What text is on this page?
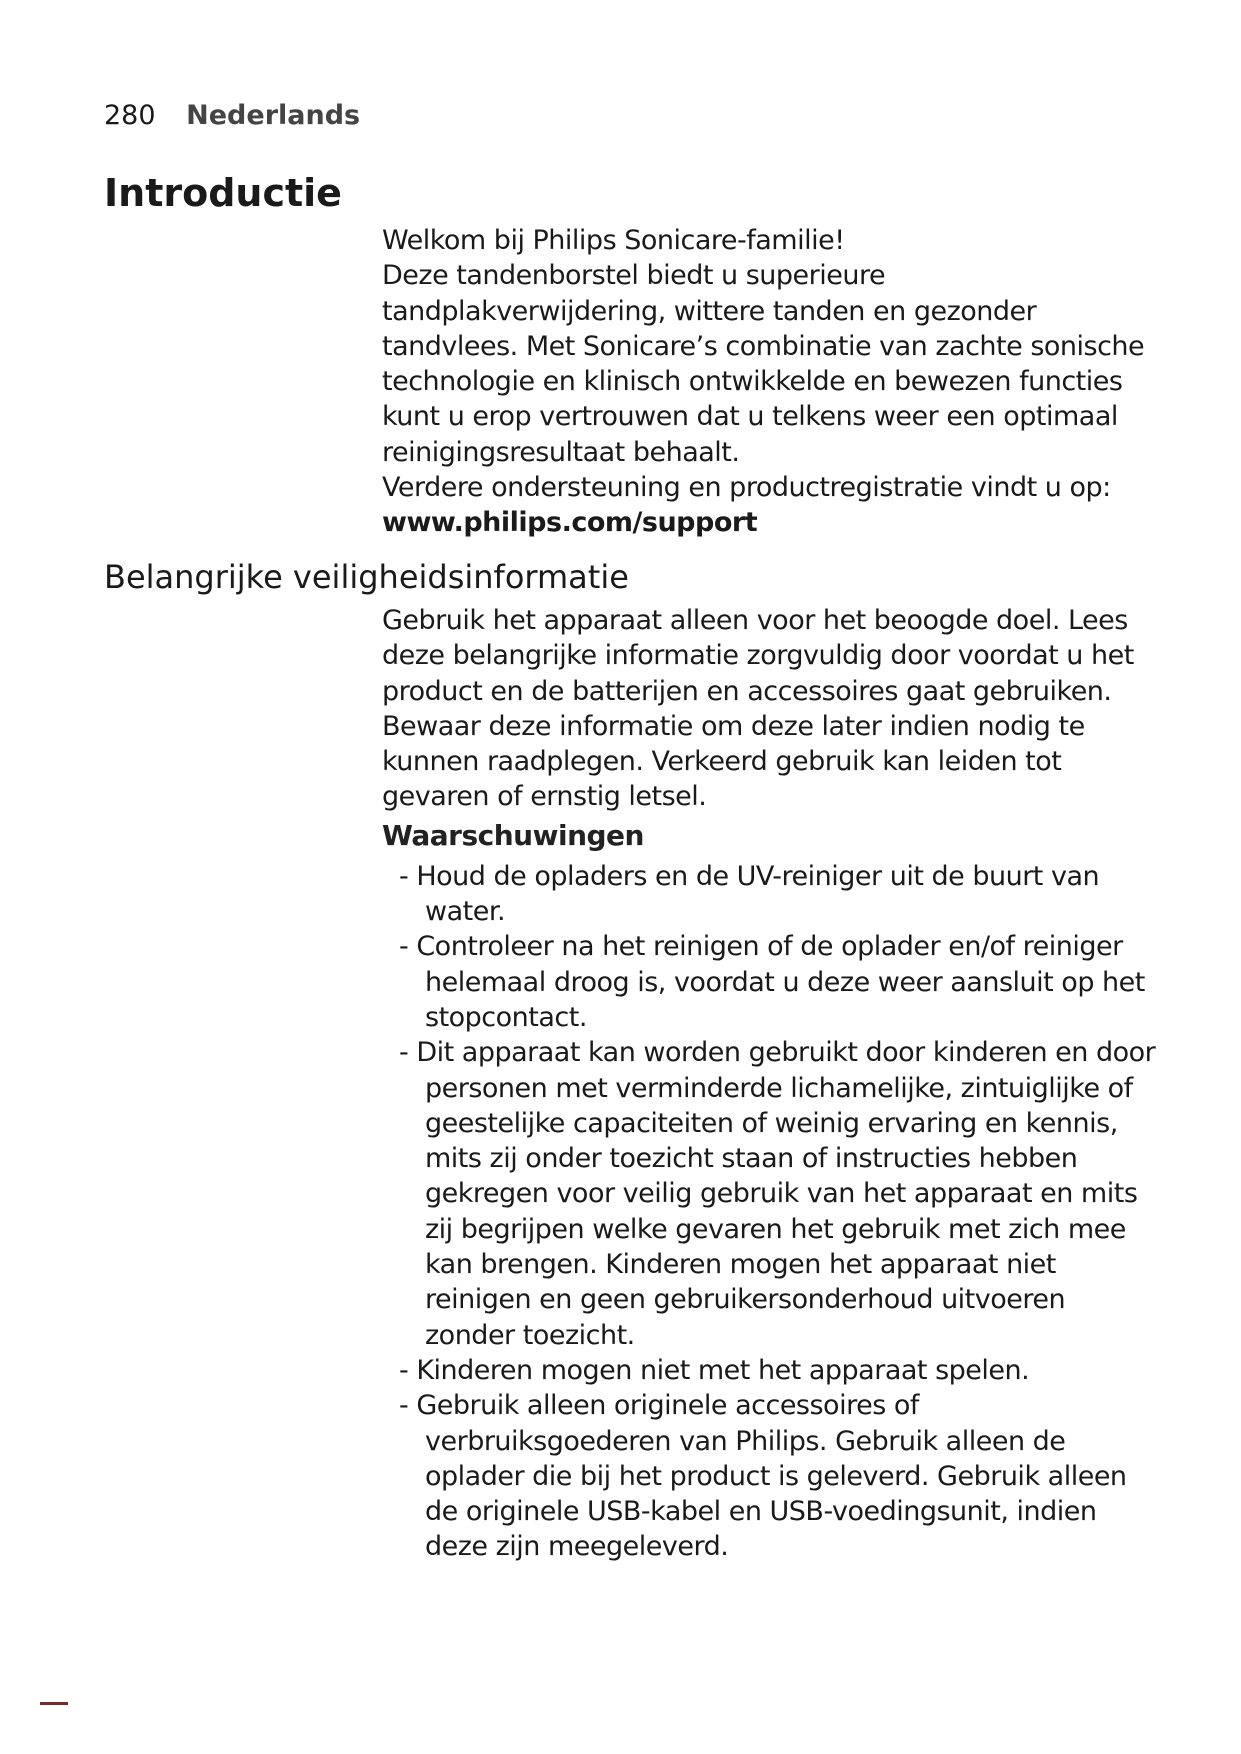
280 Nederlands
Introductie

Welkom bij Philips Sonicare-familie!

Deze tandenborstel biedt u superieure tandplakverwijdering, wittere tanden en gezonder tandvlees. Met Sonicare’s combinatie van zachte sonische technologie en klinisch ontwikkelde en bewezen functies kunt u erop vertrouwen dat u telkens weer een optimaal reinigingsresultaat behaalt.

Verdere ondersteuning en productregistratie vindt u op:

www.philips.com/support

Belangrijke veiligheidsinformatie

Gebruik het apparaat alleen voor het beoogde doel. Lees deze belangrijke informatie zorgvuldig door voordat u het product en de batterijen en accessoires gaat gebruiken. Bewaar deze informatie om deze later indien nodig te kunnen raadplegen. Verkeerd gebruik kan leiden tot gevaren of ernstig letsel.

Waarschuwingen
- Houd de opladers en de UV-reiniger uit de buurt van water.
- Controleer na het reinigen of de oplader en/of reiniger helemaal droog is, voordat u deze weer aansluit op het stopcontact.
- Dit apparaat kan worden gebruikt door kinderen en door personen met verminderde lichamelijke, zintuiglijke of geestelijke capaciteiten of weinig ervaring en kennis, mits zij onder toezicht staan of instructies hebben gekregen voor veilig gebruik van het apparaat en mits zij begrijpen welke gevaren het gebruik met zich mee kan brengen. Kinderen mogen het apparaat niet reinigen en geen gebruikersonderhoud uitvoeren zonder toezicht.
- Kinderen mogen niet met het apparaat spelen.
- Gebruik alleen originele accessoires of verbruiksgoederen van Philips. Gebruik alleen de oplader die bij het product is geleverd. Gebruik alleen de originele USB-kabel en USB-voedingsunit, indien deze zijn meegeleverd.
